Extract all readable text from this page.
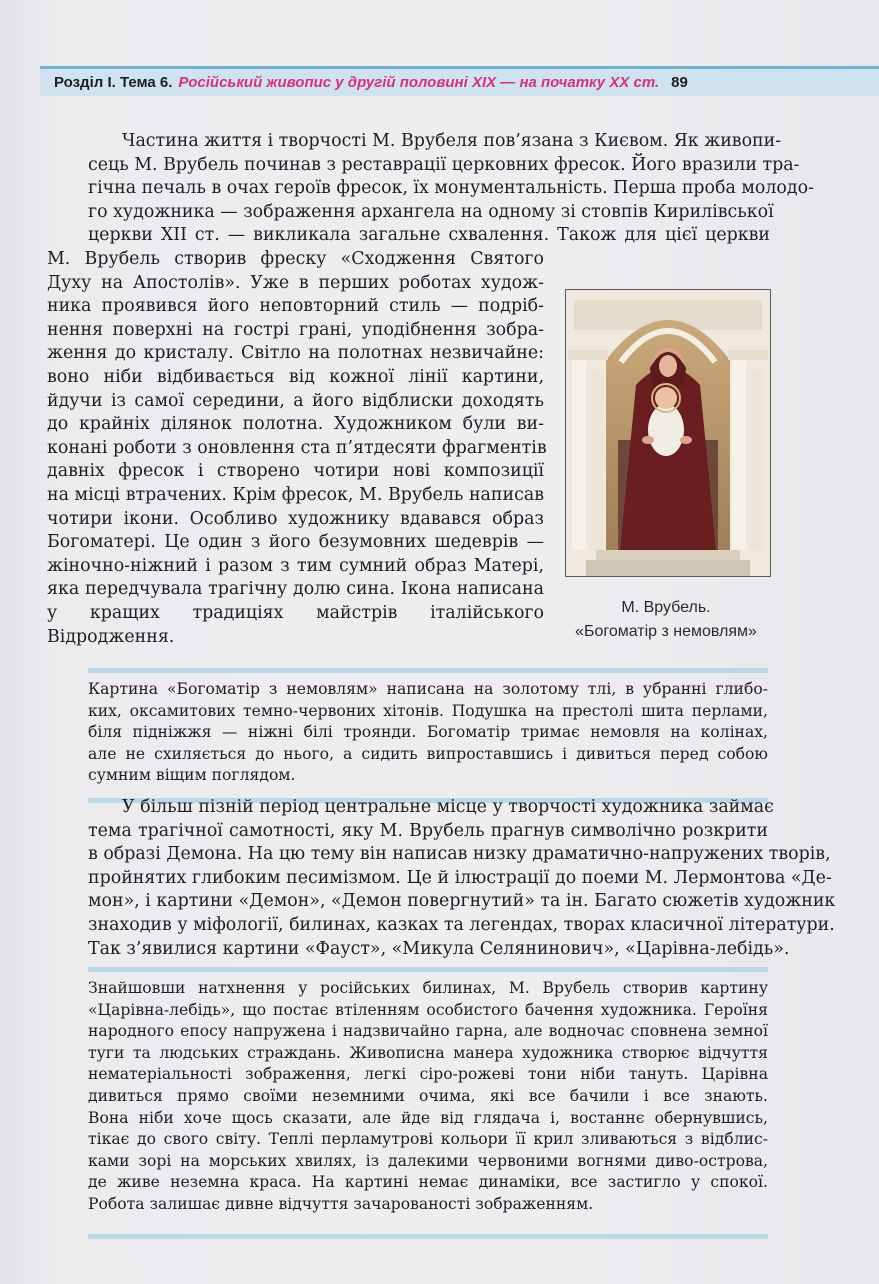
Розділ І. Тема 6. Російський живопис у другій половині XIX — на початку XX ст. 89
Частина життя і творчості М. Врубеля пов’язана з Києвом. Як живопи-
сець М. Врубель починав з реставрації церковних фресок. Його вразили тра-
гічна печаль в очах героїв фресок, їх монументальність. Перша проба молодо-
го художника — зображення архангела на одному зі стовпів Кирилівської
церкви XII ст. — викликала загальне схвалення. Також для цієї церкви
М. Врубель створив фреску «Сходження Святого
Духу на Апостолів». Уже в перших роботах худож-
ника проявився його неповторний стиль — подріб-
нення поверхні на гострі грані, уподібнення зобра-
ження до кристалу. Світло на полотнах незвичайне:
воно ніби відбивається від кожної лінії картини,
йдучи із самої середини, а його відблиски доходять
до крайніх ділянок полотна. Художником були ви-
конані роботи з оновлення ста п’ятдесяти фрагментів
давніх фресок і створено чотири нові композиції
на місці втрачених. Крім фресок, М. Врубель написав
чотири ікони. Особливо художнику вдавався образ
Богоматері. Це один з його безумовних шедеврів —
жіночно-ніжний і разом з тим сумний образ Матері,
яка передчувала трагічну долю сина. Ікона написана
у кращих традиціях майстрів італійського
Відродження.
М. Врубель.
«Богоматір з немовлям»
Картина «Богоматір з немовлям» написана на золотому тлі, в убранні глибо-
ких, оксамитових темно-червоних хітонів. Подушка на престолі шита перлами,
біля підніжжя — ніжні білі троянди. Богоматір тримає немовля на колінах,
але не схиляється до нього, а сидить випроставшись і дивиться перед собою
сумним віщим поглядом.
У більш пізній період центральне місце у творчості художника займає
тема трагічної самотності, яку М. Врубель прагнув символічно розкрити
в образі Демона. На цю тему він написав низку драматично-напружених творів,
пройнятих глибоким песимізмом. Це й ілюстрації до поеми М. Лермонтова «Де-
мон», і картини «Демон», «Демон повергнутий» та ін. Багато сюжетів художник
знаходив у міфології, билинах, казках та легендах, творах класичної літератури.
Так з’явилися картини «Фауст», «Микула Селянинович», «Царівна-лебідь».
Знайшовши натхнення у російських билинах, М. Врубель створив картину
«Царівна-лебідь», що постає втіленням особистого бачення художника. Героїня
народного епосу напружена і надзвичайно гарна, але водночас сповнена земної
туги та людських страждань. Живописна манера художника створює відчуття
нематеріальності зображення, легкі сіро-рожеві тони ніби тануть. Царівна
дивиться прямо своїми неземними очима, які все бачили і все знають.
Вона ніби хоче щось сказати, але йде від глядача і, востаннє обернувшись,
тікає до свого світу. Теплі перламутрові кольори її крил зливаються з відблис-
ками зорі на морських хвилях, із далекими червоними вогнями диво-острова,
де живе неземна краса. На картині немає динаміки, все застигло у спокої.
Робота залишає дивне відчуття зачарованості зображенням.
